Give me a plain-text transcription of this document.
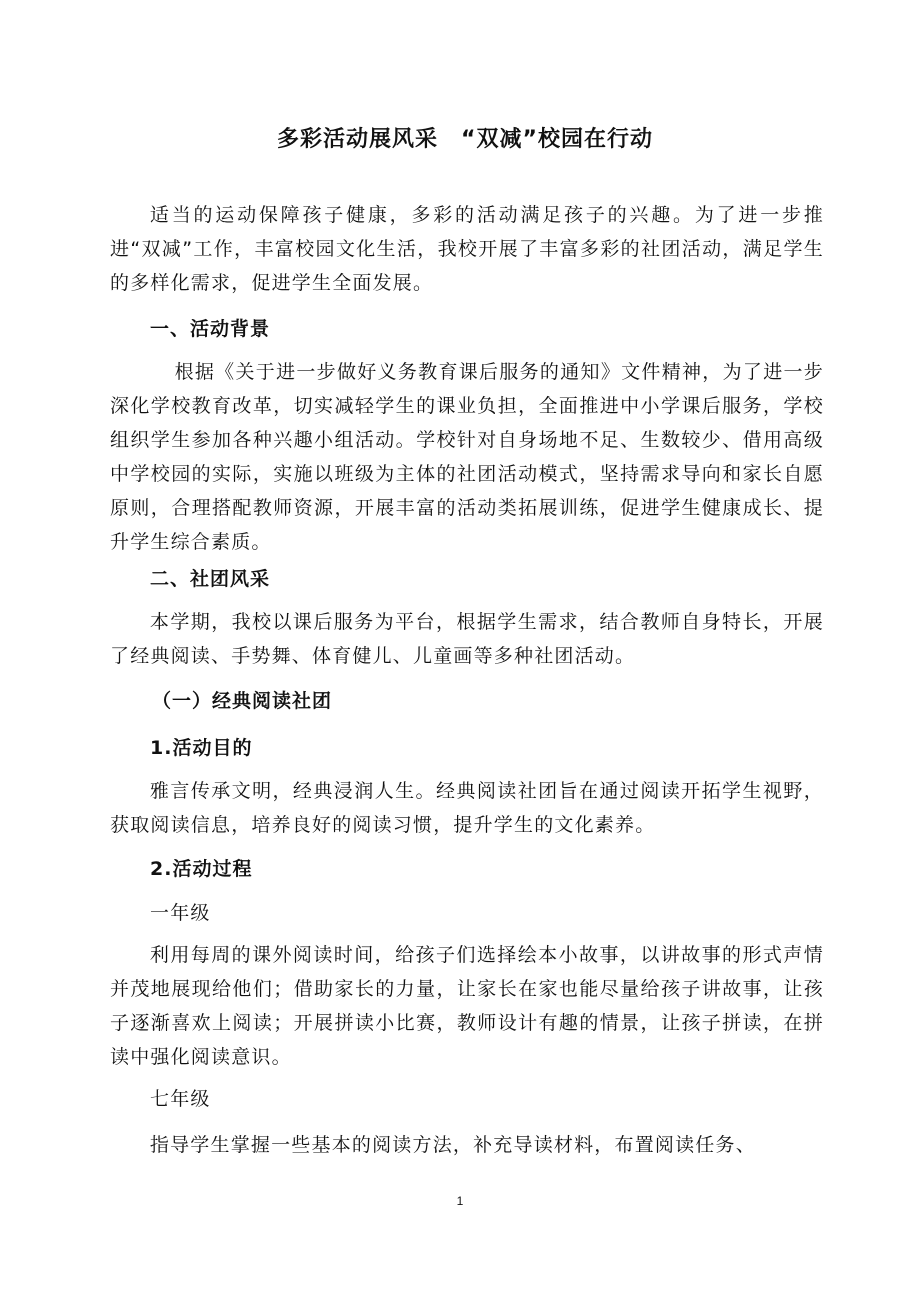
多彩活动展风采　“双减”校园在行动

适当的运动保障孩子健康，多彩的活动满足孩子的兴趣。为了进一步推进“双减”工作，丰富校园文化生活，我校开展了丰富多彩的社团活动，满足学生的多样化需求，促进学生全面发展。

一、活动背景

根据《关于进一步做好义务教育课后服务的通知》文件精神，为了进一步深化学校教育改革，切实减轻学生的课业负担，全面推进中小学课后服务，学校组织学生参加各种兴趣小组活动。学校针对自身场地不足、生数较少、借用高级中学校园的实际，实施以班级为主体的社团活动模式，坚持需求导向和家长自愿原则，合理搭配教师资源，开展丰富的活动类拓展训练，促进学生健康成长、提升学生综合素质。

二、社团风采

本学期，我校以课后服务为平台，根据学生需求，结合教师自身特长，开展了经典阅读、手势舞、体育健儿、儿童画等多种社团活动。

（一）经典阅读社团

1.活动目的

雅言传承文明，经典浸润人生。经典阅读社团旨在通过阅读开拓学生视野，获取阅读信息，培养良好的阅读习惯，提升学生的文化素养。

2.活动过程

一年级

利用每周的课外阅读时间，给孩子们选择绘本小故事，以讲故事的形式声情并茂地展现给他们；借助家长的力量，让家长在家也能尽量给孩子讲故事，让孩子逐渐喜欢上阅读；开展拼读小比赛，教师设计有趣的情景，让孩子拼读，在拼读中强化阅读意识。

七年级

指导学生掌握一些基本的阅读方法，补充导读材料，布置阅读任务、

1
